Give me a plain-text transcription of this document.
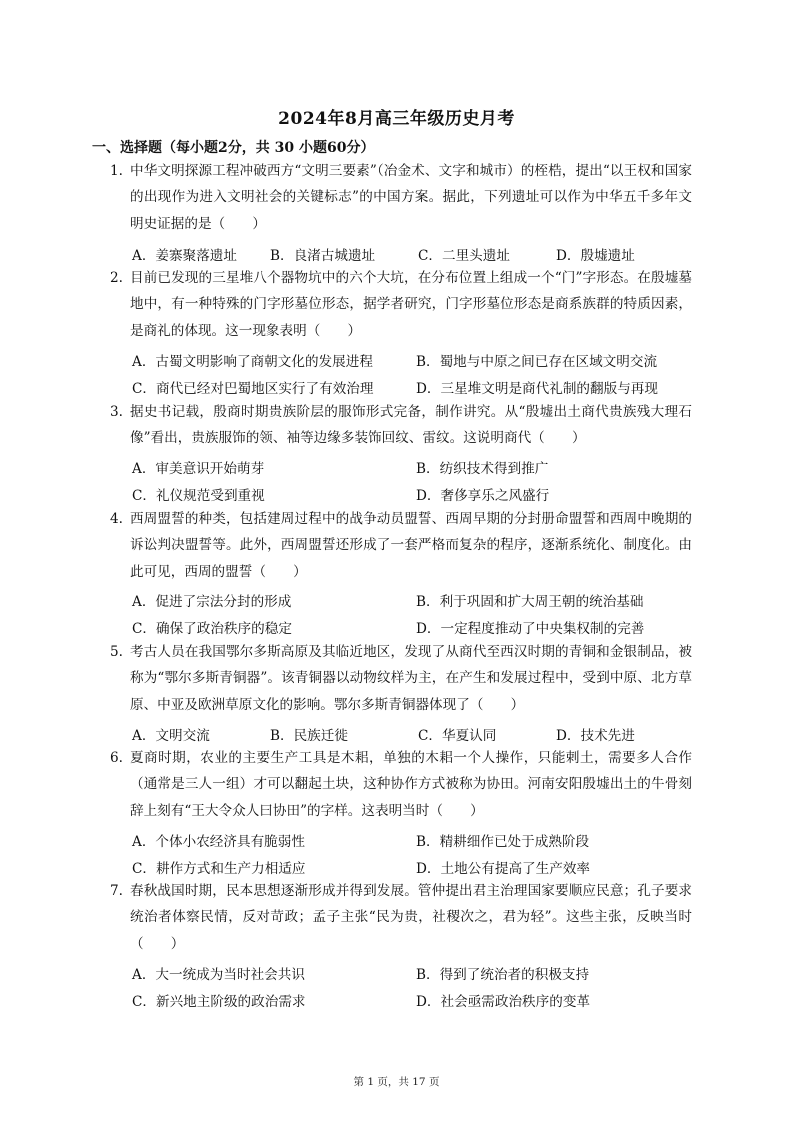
2024年8月高三年级历史月考
一、选择题（每小题2分，共 30 小题60分）
1. 中华文明探源工程冲破西方“文明三要素”（冶金术、文字和城市）的桎梏，提出“以王权和国家的出现作为进入文明社会的关键标志”的中国方案。据此，下列遗址可以作为中华五千多年文明史证据的是（　　）
A．姜寨聚落遗址 B．良渚古城遗址	C．二里头遗址	D．殷墟遗址
2. 目前已发现的三星堆八个器物坑中的六个大坑，在分布位置上组成一个“门”字形态。在殷墟墓地中，有一种特殊的门字形墓位形态，据学者研究，门字形墓位形态是商系族群的特质因素，是商礼的体现。这一现象表明（　　）
A．古蜀文明影响了商朝文化的发展进程	B．蜀地与中原之间已存在区域文明交流
C．商代已经对巴蜀地区实行了有效治理	D．三星堆文明是商代礼制的翻版与再现
3. 据史书记载，殷商时期贵族阶层的服饰形式完备，制作讲究。从“殷墟出土商代贵族残大理石像”看出，贵族服饰的领、袖等边缘多装饰回纹、雷纹。这说明商代（　　）
A．审美意识开始萌芽	B．纺织技术得到推广
C．礼仪规范受到重视	D．奢侈享乐之风盛行
4. 西周盟誓的种类，包括建周过程中的战争动员盟誓、西周早期的分封册命盟誓和西周中晚期的诉讼判决盟誓等。此外，西周盟誓还形成了一套严格而复杂的程序，逐渐系统化、制度化。由此可见，西周的盟誓（　　）
A．促进了宗法分封的形成	B．利于巩固和扩大周王朝的统治基础
C．确保了政治秩序的稳定	D．一定程度推动了中央集权制的完善
5. 考古人员在我国鄂尔多斯高原及其临近地区，发现了从商代至西汉时期的青铜和金银制品，被称为“鄂尔多斯青铜器”。该青铜器以动物纹样为主，在产生和发展过程中，受到中原、北方草原、中亚及欧洲草原文化的影响。鄂尔多斯青铜器体现了（　　）
A．文明交流	B．民族迁徙	C．华夏认同	D．技术先进
6. 夏商时期，农业的主要生产工具是木耜，单独的木耜一个人操作，只能剌土，需要多人合作（通常是三人一组）才可以翻起土块，这种协作方式被称为协田。河南安阳殷墟出土的牛骨刻辞上刻有“王大令众人曰协田”的字样。这表明当时（　　）
A．个体小农经济具有脆弱性	B．精耕细作已处于成熟阶段
C．耕作方式和生产力相适应	D．土地公有提高了生产效率
7. 春秋战国时期，民本思想逐渐形成并得到发展。管仲提出君主治理国家要顺应民意；孔子要求统治者体察民情，反对苛政；孟子主张“民为贵，社稷次之，君为轻”。这些主张，反映当时（　　）
A．大一统成为当时社会共识	B．得到了统治者的积极支持
C．新兴地主阶级的政治需求	D．社会亟需政治秩序的变革
第 1 页，共 17 页
